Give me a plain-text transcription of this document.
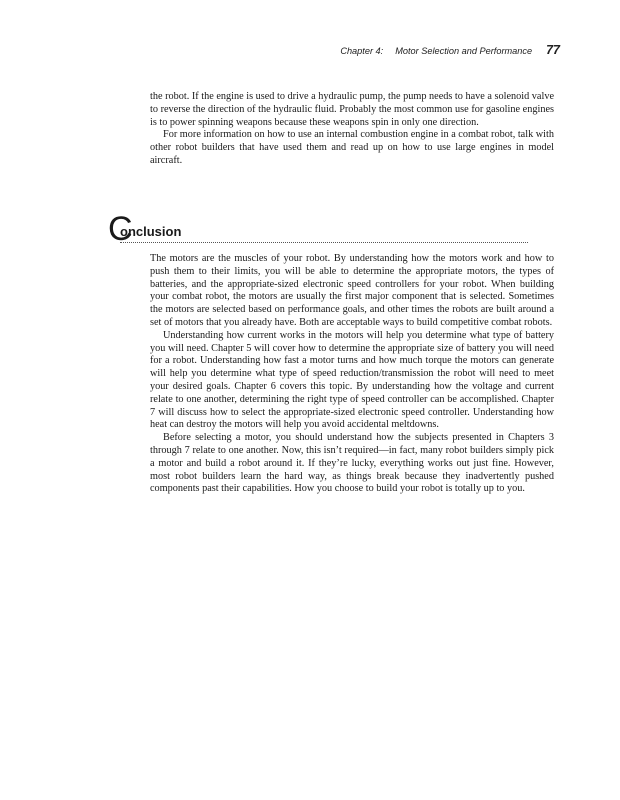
Chapter 4: Motor Selection and Performance 77

the robot. If the engine is used to drive a hydraulic pump, the pump needs to have a solenoid valve to reverse the direction of the hydraulic fluid. Probably the most common use for gasoline engines is to power spinning weapons because these weapons spin in only one direction.

For more information on how to use an internal combustion engine in a combat robot, talk with other robot builders that have used them and read up on how to use large engines in model aircraft.

C
onclusion

The motors are the muscles of your robot. By understanding how the motors work and how to push them to their limits, you will be able to determine the appropriate motors, the types of batteries, and the appropriate-sized electronic speed controllers for your robot. When building your combat robot, the motors are usually the first major component that is selected. Sometimes the motors are selected based on performance goals, and other times the robots are built around a set of motors that you already have. Both are acceptable ways to build competitive combat robots.

Understanding how current works in the motors will help you determine what type of battery you will need. Chapter 5 will cover how to determine the appropriate size of battery you will need for a robot. Understanding how fast a motor turns and how much torque the motors can generate will help you determine what type of speed reduction/transmission the robot will need to meet your desired goals. Chapter 6 covers this topic. By understanding how the voltage and current relate to one another, determining the right type of speed controller can be accomplished. Chapter 7 will discuss how to select the appropriate-sized electronic speed controller. Understanding how heat can destroy the motors will help you avoid accidental meltdowns.

Before selecting a motor, you should understand how the subjects presented in Chapters 3 through 7 relate to one another. Now, this isn’t required—in fact, many robot builders simply pick a motor and build a robot around it. If they’re lucky, everything works out just fine. However, most robot builders learn the hard way, as things break because they inadvertently pushed components past their capabilities. How you choose to build your robot is totally up to you.
